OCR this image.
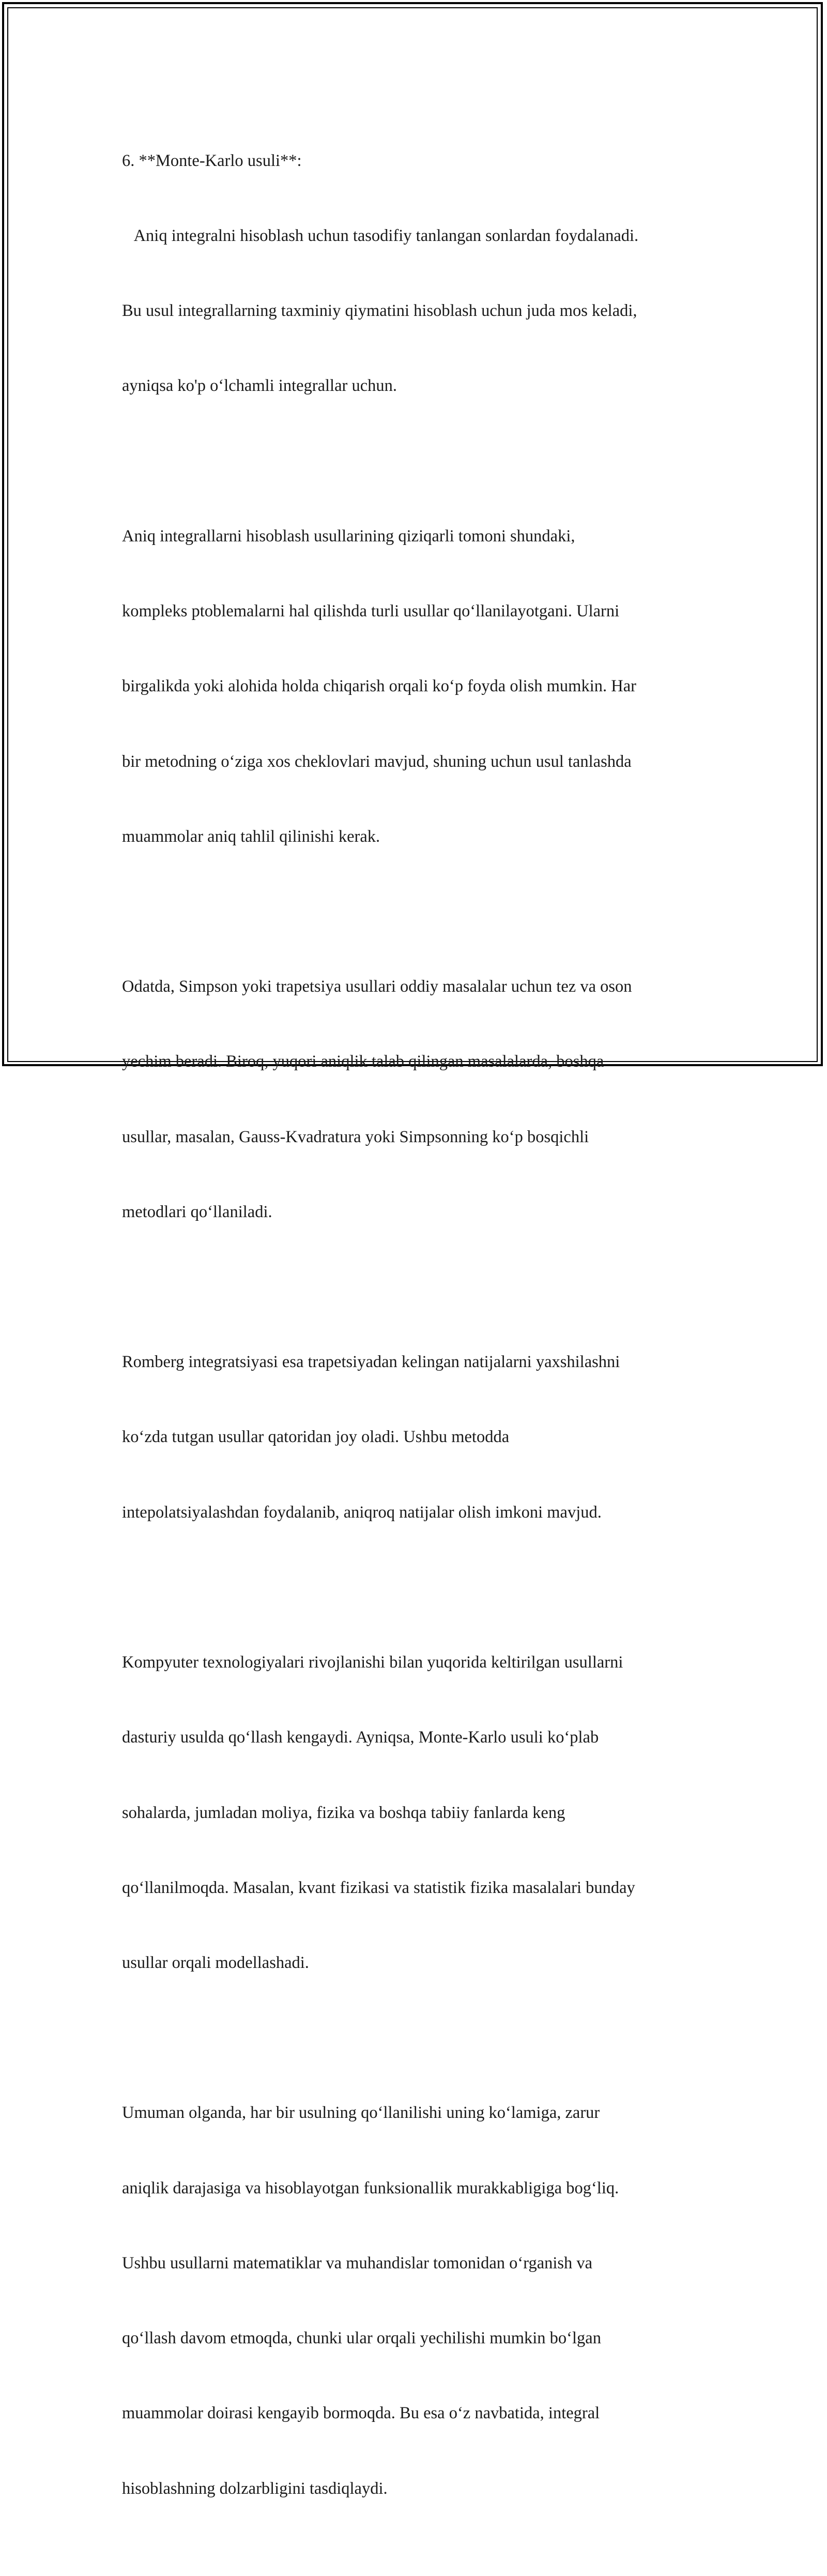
6. **Monte-Karlo usuli**:

Aniq integralni hisoblash uchun tasodifiy tanlangan sonlardan foydalanadi.

Bu usul integrallarning taxminiy qiymatini hisoblash uchun juda mos keladi,

ayniqsa ko'p o‘lchamli integrallar uchun.

Aniq integrallarni hisoblash usullarining qiziqarli tomoni shundaki,

kompleks ptoblemalarni hal qilishda turli usullar qo‘llanilayotgani. Ularni

birgalikda yoki alohida holda chiqarish orqali ko‘p foyda olish mumkin. Har

bir metodning o‘ziga xos cheklovlari mavjud, shuning uchun usul tanlashda

muammolar aniq tahlil qilinishi kerak.

Odatda, Simpson yoki trapetsiya usullari oddiy masalalar uchun tez va oson

yechim beradi. Biroq, yuqori aniqlik talab qilingan masalalarda, boshqa

usullar, masalan, Gauss-Kvadratura yoki Simpsonning ko‘p bosqichli

metodlari qo‘llaniladi.

Romberg integratsiyasi esa trapetsiyadan kelingan natijalarni yaxshilashni

ko‘zda tutgan usullar qatoridan joy oladi. Ushbu metodda

intepolatsiyalashdan foydalanib, aniqroq natijalar olish imkoni mavjud.

Kompyuter texnologiyalari rivojlanishi bilan yuqorida keltirilgan usullarni

dasturiy usulda qo‘llash kengaydi. Ayniqsa, Monte-Karlo usuli ko‘plab

sohalarda, jumladan moliya, fizika va boshqa tabiiy fanlarda keng

qo‘llanilmoqda. Masalan, kvant fizikasi va statistik fizika masalalari bunday

usullar orqali modellashadi.

Umuman olganda, har bir usulning qo‘llanilishi uning ko‘lamiga, zarur

aniqlik darajasiga va hisoblayotgan funksionallik murakkabligiga bog‘liq.

Ushbu usullarni matematiklar va muhandislar tomonidan o‘rganish va

qo‘llash davom etmoqda, chunki ular orqali yechilishi mumkin bo‘lgan

muammolar doirasi kengayib bormoqda. Bu esa o‘z navbatida, integral

hisoblashning dolzarbligini tasdiqlaydi.
